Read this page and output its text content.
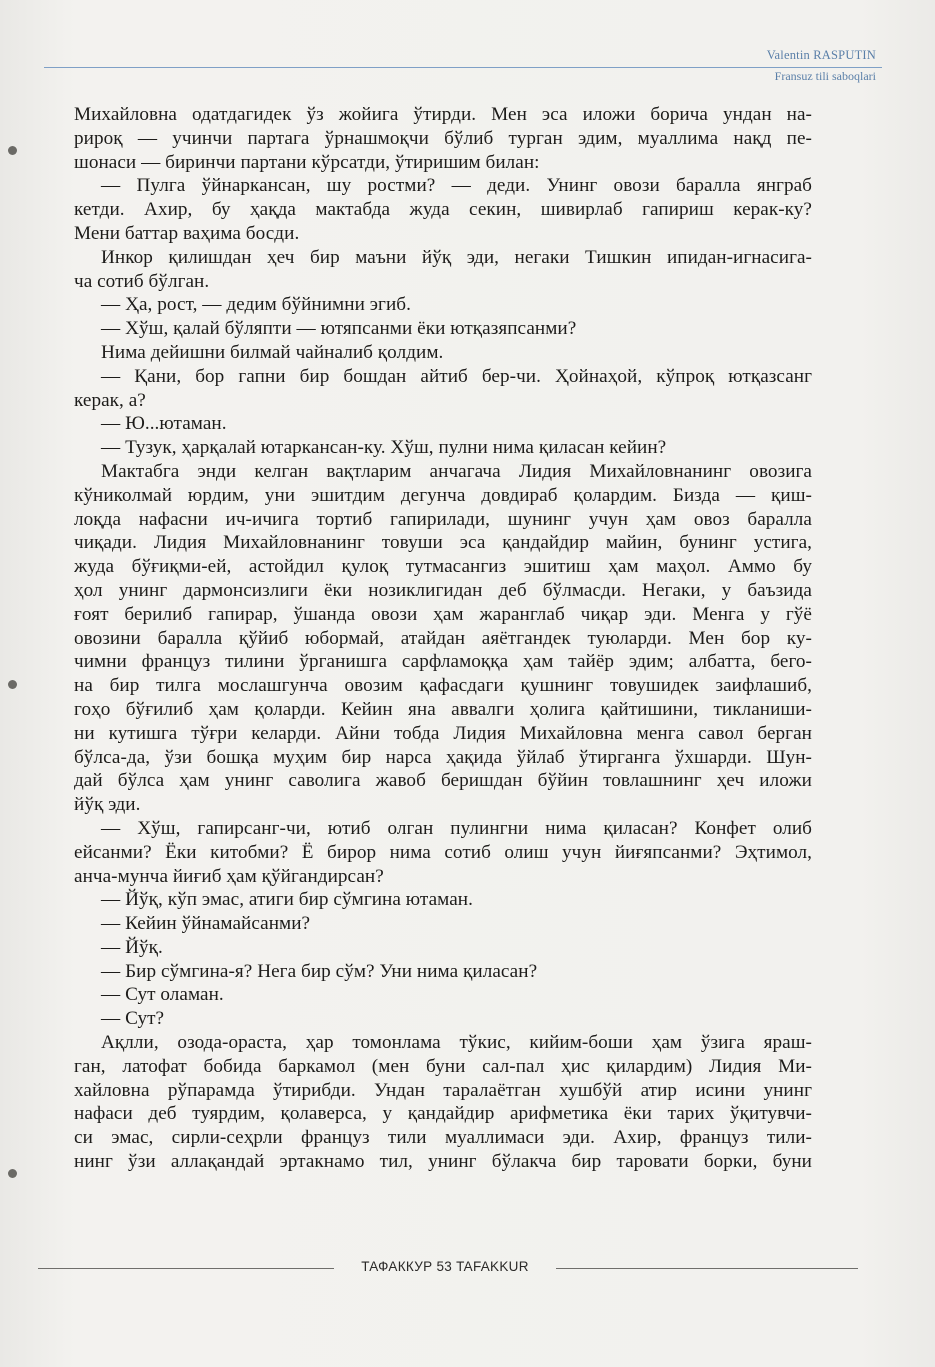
Valentin RASPUTIN
Fransuz tili saboqlari
Михайловна одатдагидек ўз жойига ўтирди. Мен эса иложи борича ундан на-
рироқ — учинчи партага ўрнашмоқчи бўлиб турган эдим, муаллима нақд пе-
шонаси — биринчи партани кўрсатди, ўтиришим билан:
— Пулга ўйнаркансан, шу ростми? — деди. Унинг овози баралла янграб
кетди. Ахир, бу ҳақда мактабда жуда секин, шивирлаб гапириш керак-ку?
Мени баттар ваҳима босди.
Инкор қилишдан ҳеч бир маъни йўқ эди, негаки Тишкин ипидан-игнасига-
ча сотиб бўлган.
— Ҳа, рост, — дедим бўйнимни эгиб.
— Хўш, қалай бўляпти — ютяпсанми ёки ютқазяпсанми?
Нима дейишни билмай чайналиб қолдим.
— Қани, бор гапни бир бошдан айтиб бер-чи. Ҳойнаҳой, кўпроқ ютқазсанг
керак, а?
— Ю...ютаман.
— Тузук, ҳарқалай ютаркансан-ку. Хўш, пулни нима қиласан кейин?
Мактабга энди келган вақтларим анчагача Лидия Михайловнанинг овозига
кўниколмай юрдим, уни эшитдим дегунча довдираб қолардим. Бизда — қиш-
лоқда нафасни ич-ичига тортиб гапирилади, шунинг учун ҳам овоз баралла
чиқади. Лидия Михайловнанинг товуши эса қандайдир майин, бунинг устига,
жуда бўғиқми-ей, астойдил қулоқ тутмасангиз эшитиш ҳам маҳол. Аммо бу
ҳол унинг дармонсизлиги ёки нозиклигидан деб бўлмасди. Негаки, у баъзида
ғоят берилиб гапирар, ўшанда овози ҳам жаранглаб чиқар эди. Менга у гўё
овозини баралла қўйиб юбормай, атайдан аяётгандек туюларди. Мен бор ку-
чимни француз тилини ўрганишга сарфламоққа ҳам тайёр эдим; албатта, бего-
на бир тилга мослашгунча овозим қафасдаги қушнинг товушидек заифлашиб,
гоҳо бўғилиб ҳам қоларди. Кейин яна аввалги ҳолига қайтишини, тикланиши-
ни кутишга тўғри келарди. Айни тобда Лидия Михайловна менга савол берган
бўлса-да, ўзи бошқа муҳим бир нарса ҳақида ўйлаб ўтирганга ўхшарди. Шун-
дай бўлса ҳам унинг саволига жавоб беришдан бўйин товлашнинг ҳеч иложи
йўқ эди.
— Хўш, гапирсанг-чи, ютиб олган пулингни нима қиласан? Конфет олиб
ейсанми? Ёки китобми? Ё бирор нима сотиб олиш учун йиғяпсанми? Эҳтимол,
анча-мунча йиғиб ҳам қўйгандирсан?
— Йўқ, кўп эмас, атиги бир сўмгина ютаман.
— Кейин ўйнамайсанми?
— Йўқ.
— Бир сўмгина-я? Нега бир сўм? Уни нима қиласан?
— Сут оламан.
— Сут?
Ақлли, озода-ораста, ҳар томонлама тўкис, кийим-боши ҳам ўзига яраш-
ган, латофат бобида баркамол (мен буни сал-пал ҳис қилардим) Лидия Ми-
хайловна рўпарамда ўтирибди. Ундан таралаётган хушбўй атир исини унинг
нафаси деб туярдим, қолаверса, у қандайдир арифметика ёки тарих ўқитувчи-
си эмас, сирли-сеҳрли француз тили муаллимаси эди. Ахир, француз тили-
нинг ўзи аллақандай эртакнамо тил, унинг бўлакча бир таровати борки, буни
ТАФАККУР 53 TAFAKKUR
